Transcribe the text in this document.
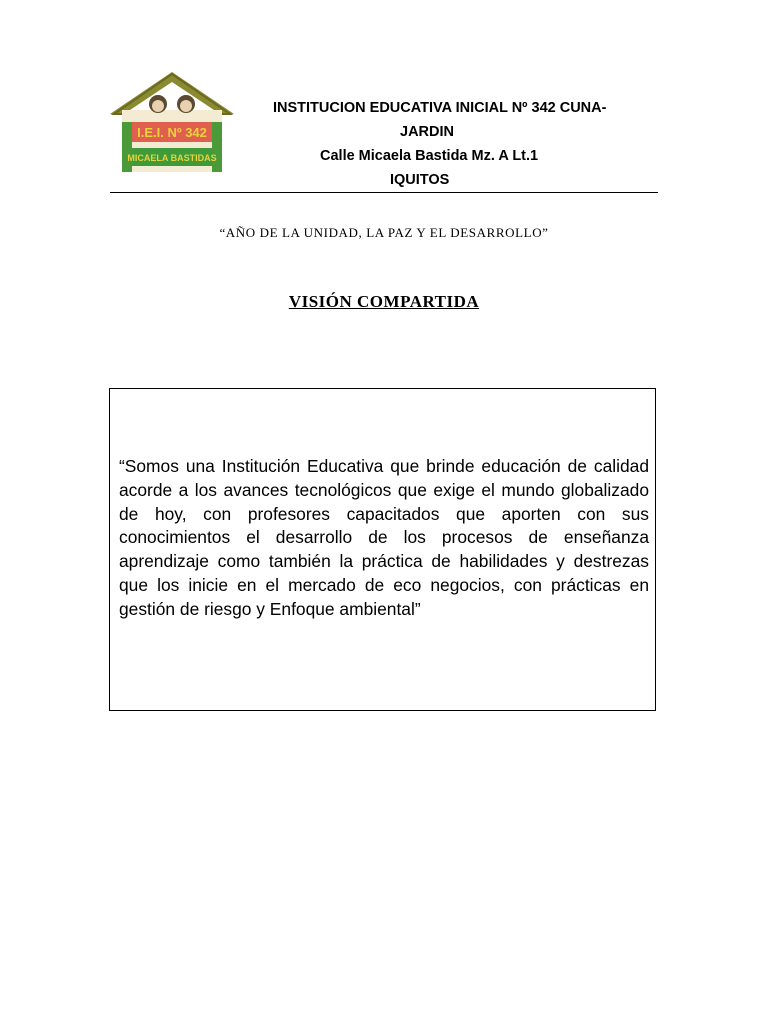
I.E.I. Nº 342
MICAELA BASTIDAS
INSTITUCION EDUCATIVA INICIAL Nº 342 CUNA-
JARDIN
Calle Micaela Bastida Mz. A Lt.1
IQUITOS
“AÑO DE LA UNIDAD, LA PAZ Y EL DESARROLLO”
VISIÓN COMPARTIDA
“Somos una Institución Educativa que brinde educación de calidad acorde a los avances tecnológicos que exige el mundo globalizado de hoy, con profesores capacitados que aporten con sus conocimientos el desarrollo de los procesos de enseñanza aprendizaje como también la práctica de habilidades y destrezas que los inicie en el mercado de eco negocios, con prácticas en gestión de riesgo y Enfoque ambiental”
